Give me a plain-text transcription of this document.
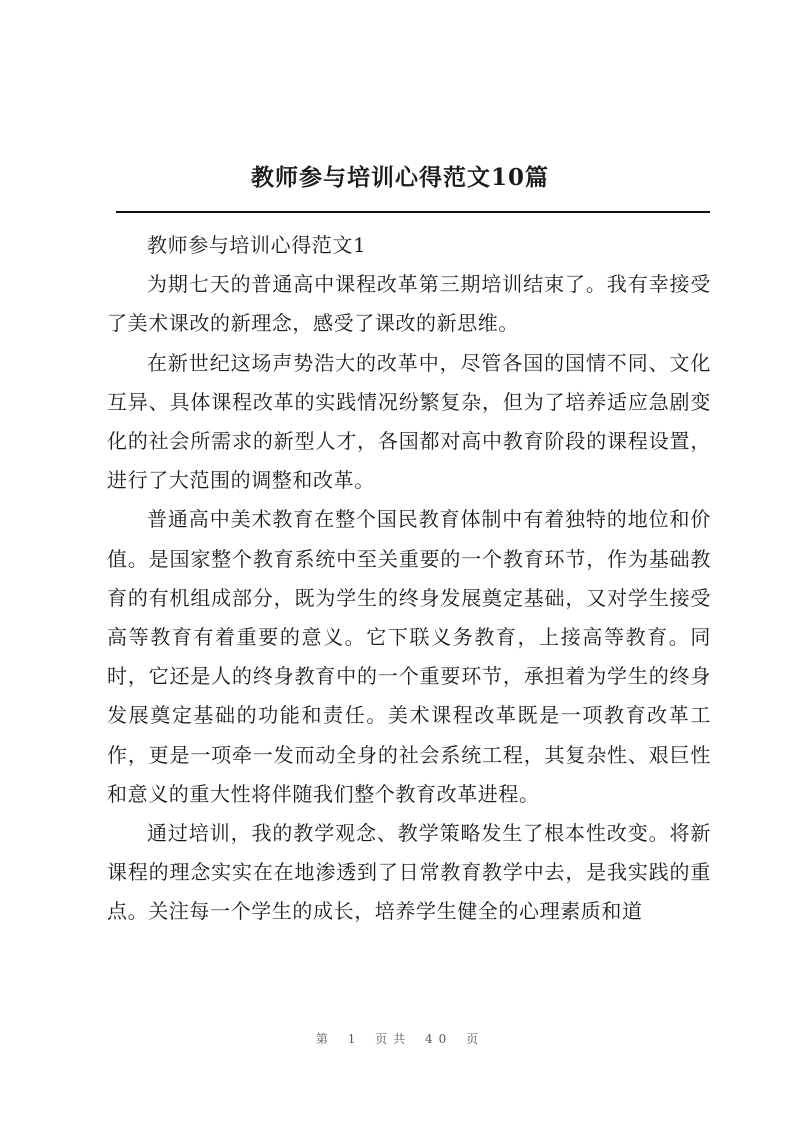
教师参与培训心得范文10篇

教师参与培训心得范文1

为期七天的普通高中课程改革第三期培训结束了。我有幸接受了美术课改的新理念，感受了课改的新思维。

在新世纪这场声势浩大的改革中，尽管各国的国情不同、文化互异、具体课程改革的实践情况纷繁复杂，但为了培养适应急剧变化的社会所需求的新型人才，各国都对高中教育阶段的课程设置，进行了大范围的调整和改革。

普通高中美术教育在整个国民教育体制中有着独特的地位和价值。是国家整个教育系统中至关重要的一个教育环节，作为基础教育的有机组成部分，既为学生的终身发展奠定基础，又对学生接受高等教育有着重要的意义。它下联义务教育，上接高等教育。同时，它还是人的终身教育中的一个重要环节，承担着为学生的终身发展奠定基础的功能和责任。美术课程改革既是一项教育改革工作，更是一项牵一发而动全身的社会系统工程，其复杂性、艰巨性和意义的重大性将伴随我们整个教育改革进程。

通过培训，我的教学观念、教学策略发生了根本性改变。将新课程的理念实实在在地渗透到了日常教育教学中去，是我实践的重点。关注每一个学生的成长，培养学生健全的心理素质和道

第 1 页共 40 页
